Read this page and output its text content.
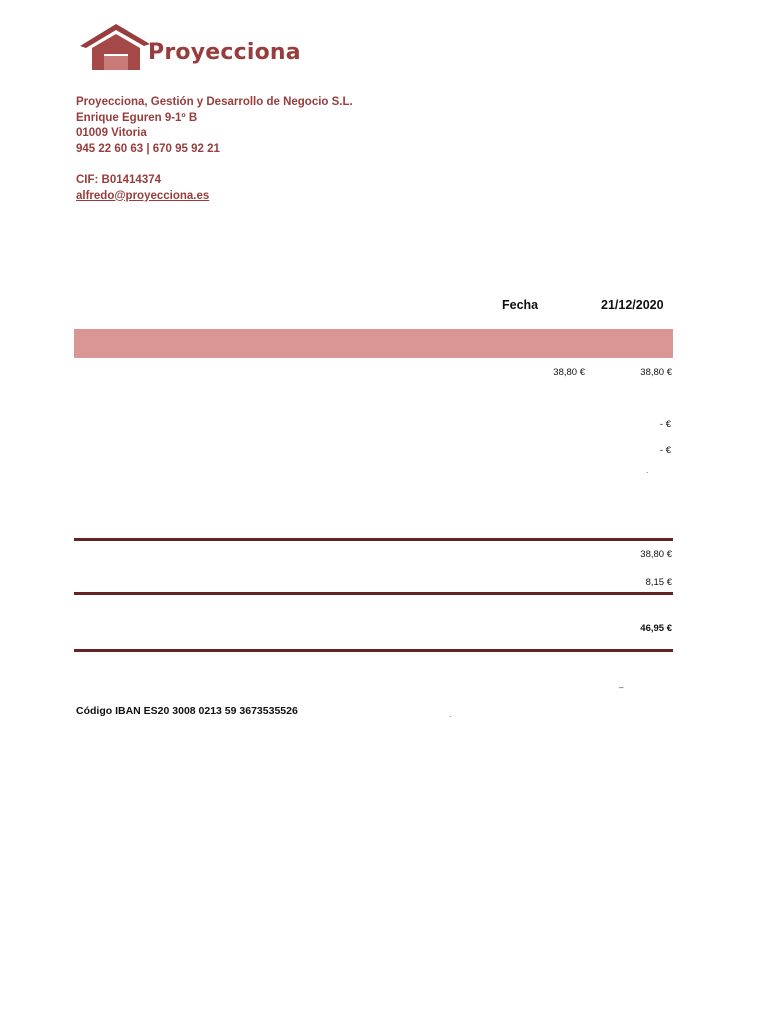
Proyecciona
Proyecciona, Gestión y Desarrollo de Negocio S.L.
Enrique Eguren 9-1º B
01009 Vitoria
945 22 60 63 | 670 95 92 21
CIF: B01414374
alfredo@proyecciona.es
Fecha	21/12/2020
38,80 €	38,80 €
- €
- €
.
38,80 €
8,15 €
46,95 €
‒
Código IBAN ES20 3008 0213 59 3673535526	.
